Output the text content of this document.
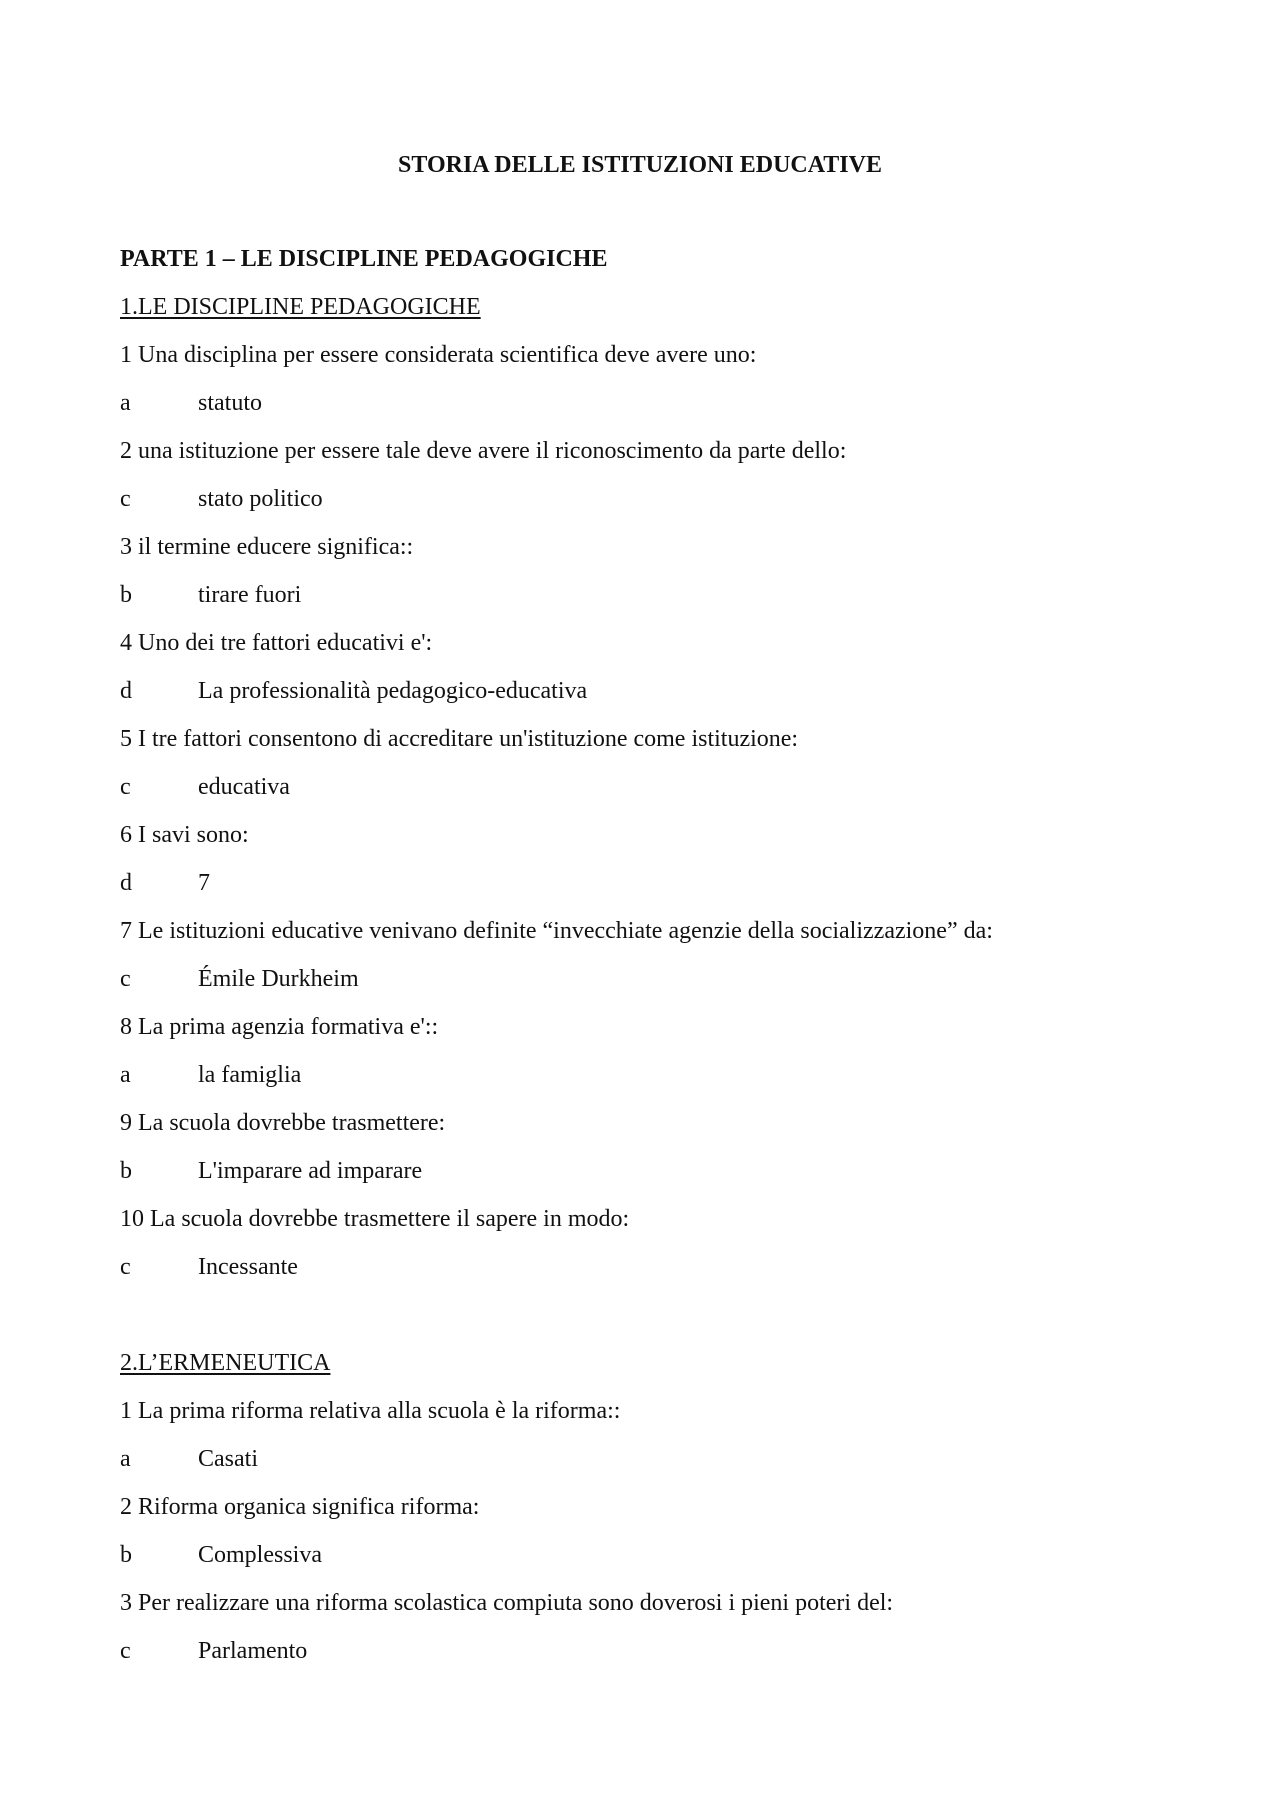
STORIA DELLE ISTITUZIONI EDUCATIVE
PARTE 1 – LE DISCIPLINE PEDAGOGICHE
1.LE DISCIPLINE PEDAGOGICHE
1 Una disciplina per essere considerata scientifica deve avere uno:
a	statuto
2 una istituzione per essere tale deve avere il riconoscimento da parte dello:
c	stato politico
3 il termine educere significa::
b	tirare fuori
4 Uno dei tre fattori educativi e':
d	La professionalità pedagogico-educativa
5 I tre fattori consentono di accreditare un'istituzione come istituzione:
c	educativa
6 I savi sono:
d	7
7 Le istituzioni educative venivano definite “invecchiate agenzie della socializzazione” da:
c	Émile Durkheim
8 La prima agenzia formativa e'::
a	la famiglia
9 La scuola dovrebbe trasmettere:
b	L'imparare ad imparare
10 La scuola dovrebbe trasmettere il sapere in modo:
c	Incessante
2.L’ERMENEUTICA
1 La prima riforma relativa alla scuola è la riforma::
a	Casati
2 Riforma organica significa riforma:
b	Complessiva
3 Per realizzare una riforma scolastica compiuta sono doverosi i pieni poteri del:
c	Parlamento
